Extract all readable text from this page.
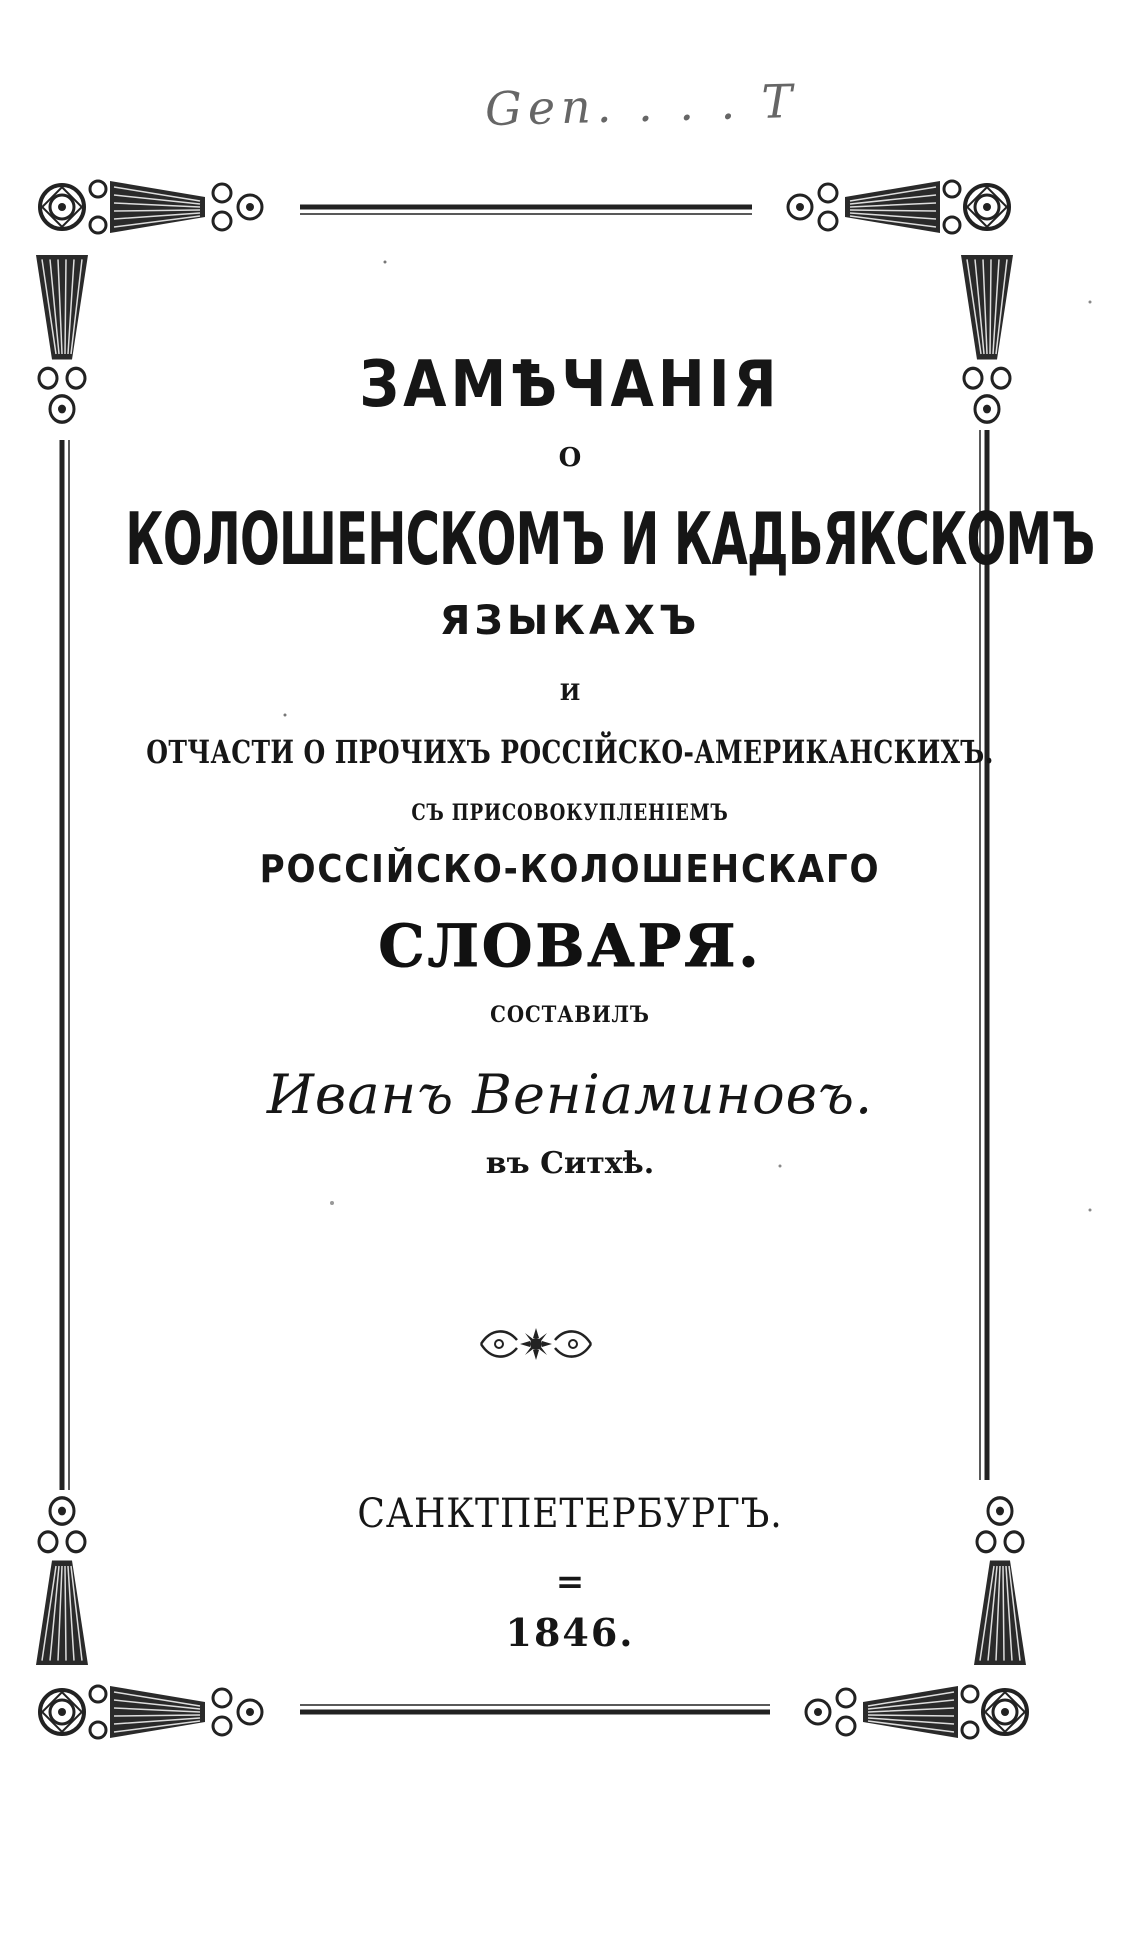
Gen. . . . T
ЗАМѢЧАНІЯ
О
КОЛОШЕНСКОМЪ И КАДЬЯКСКОМЪ
ЯЗЫКАХЪ
И
ОТЧАСТИ О ПРОЧИХЪ РОССІЙСКО-АМЕРИКАНСКИХЪ.
СЪ ПРИСОВОКУПЛЕНІЕМЪ
РОССІЙСКО-КОЛОШЕНСКАГО
СЛОВАРЯ.
СОСТАВИЛЪ
Иванъ Веніаминовъ.
въ Ситхѣ.
САНКТПЕТЕРБУРГЪ.
=
1846.
